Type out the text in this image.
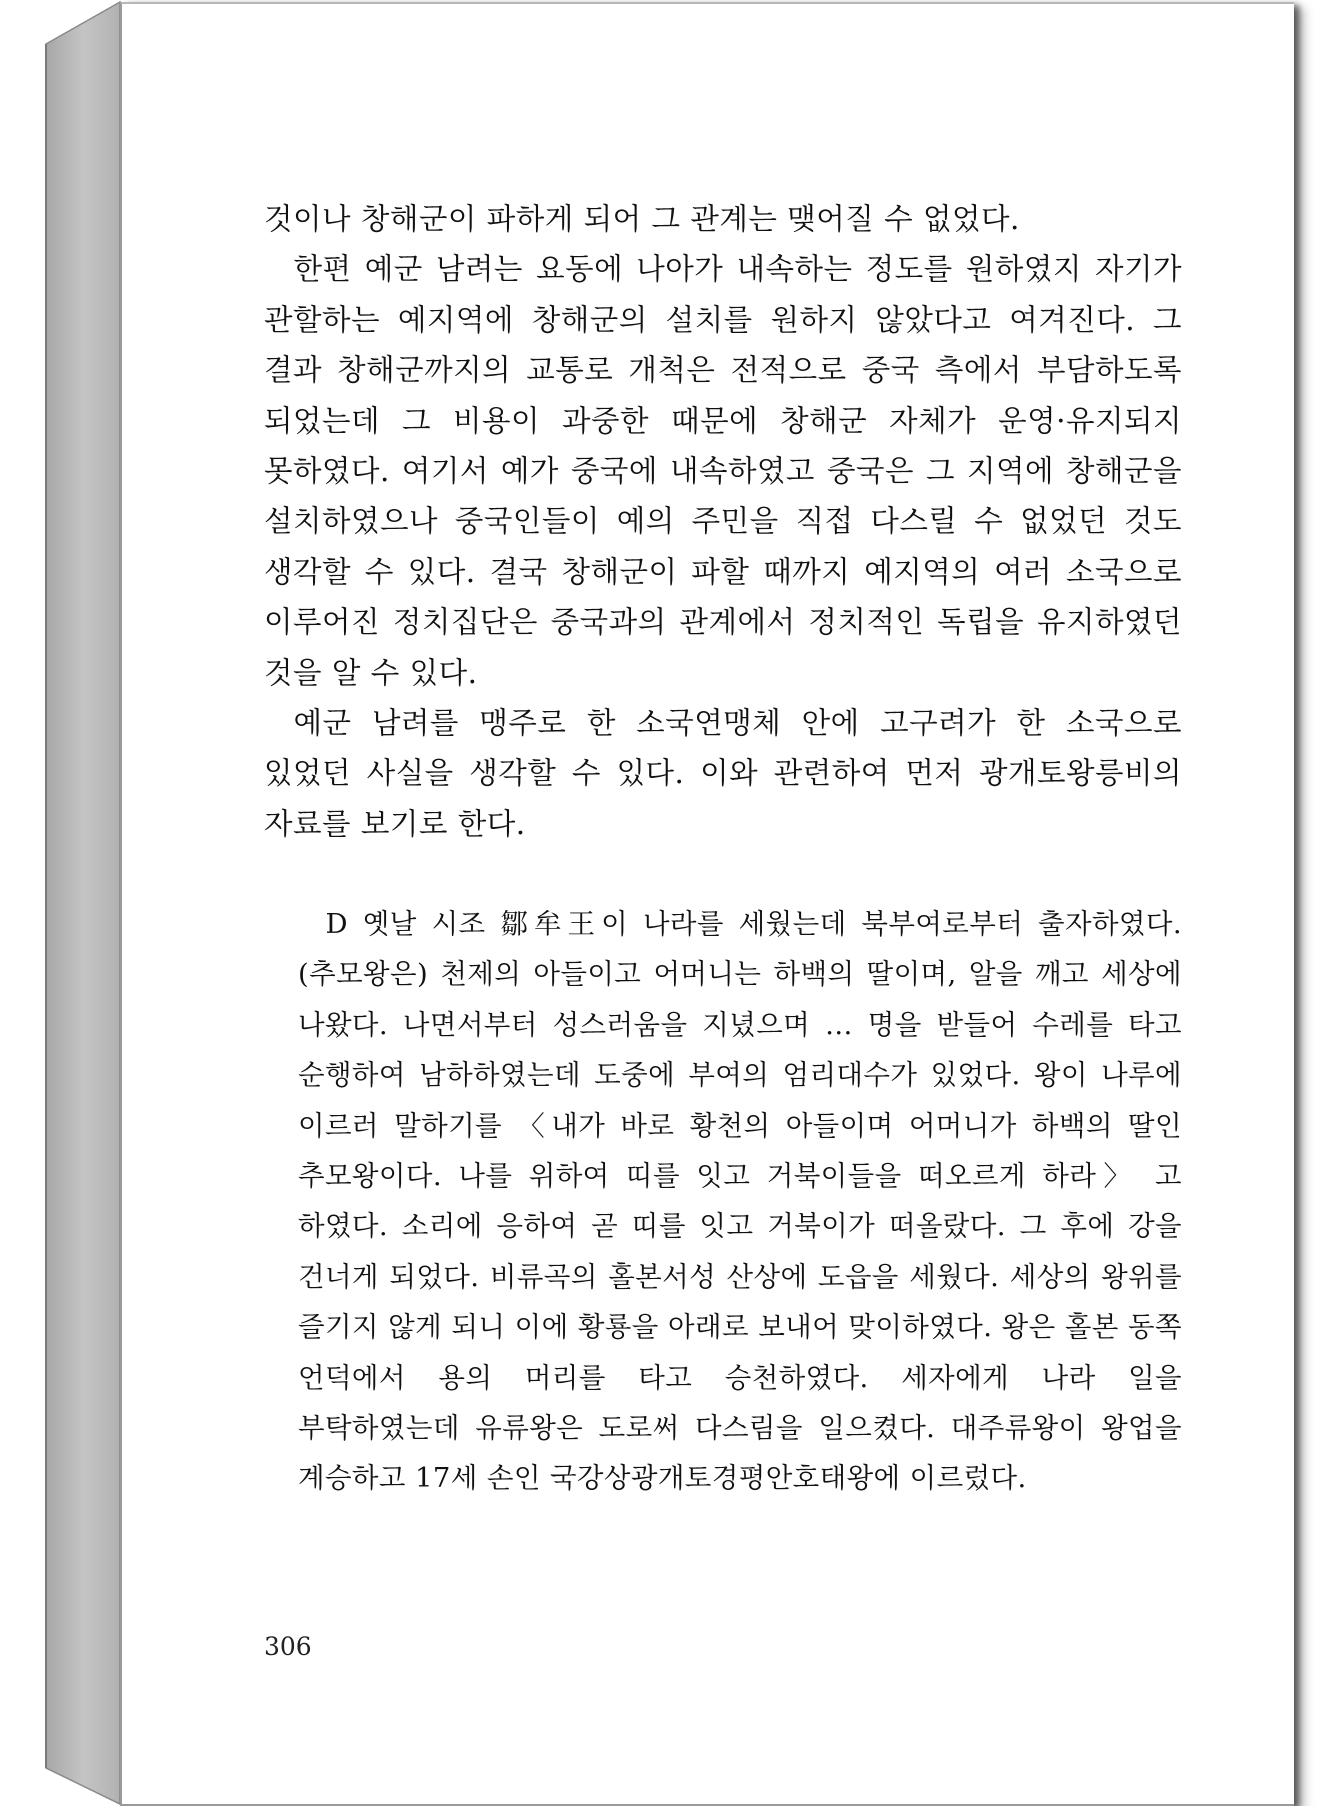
것이나 창해군이 파하게 되어 그 관계는 맺어질 수 없었다.

한편 예군 남려는 요동에 나아가 내속하는 정도를 원하였지 자기가 관할하는 예지역에 창해군의 설치를 원하지 않았다고 여겨진다. 그 결과 창해군까지의 교통로 개척은 전적으로 중국 측에서 부담하도록 되었는데 그 비용이 과중한 때문에 창해군 자체가 운영·유지되지 못하였다. 여기서 예가 중국에 내속하였고 중국은 그 지역에 창해군을 설치하였으나 중국인들이 예의 주민을 직접 다스릴 수 없었던 것도 생각할 수 있다. 결국 창해군이 파할 때까지 예지역의 여러 소국으로 이루어진 정치집단은 중국과의 관계에서 정치적인 독립을 유지하였던 것을 알 수 있다.

예군 남려를 맹주로 한 소국연맹체 안에 고구려가 한 소국으로 있었던 사실을 생각할 수 있다. 이와 관련하여 먼저 광개토왕릉비의 자료를 보기로 한다.

D 옛날 시조 鄒牟王이 나라를 세웠는데 북부여로부터 출자하였다. (추모왕은) 천제의 아들이고 어머니는 하백의 딸이며, 알을 깨고 세상에 나왔다. 나면서부터 성스러움을 지녔으며 … 명을 받들어 수레를 타고 순행하여 남하하였는데 도중에 부여의 엄리대수가 있었다. 왕이 나루에 이르러 말하기를 〈내가 바로 황천의 아들이며 어머니가 하백의 딸인 추모왕이다. 나를 위하여 띠를 잇고 거북이들을 떠오르게 하라〉 고 하였다. 소리에 응하여 곧 띠를 잇고 거북이가 떠올랐다. 그 후에 강을 건너게 되었다. 비류곡의 홀본서성 산상에 도읍을 세웠다. 세상의 왕위를 즐기지 않게 되니 이에 황룡을 아래로 보내어 맞이하였다. 왕은 홀본 동쪽 언덕에서 용의 머리를 타고 승천하였다. 세자에게 나라 일을 부탁하였는데 유류왕은 도로써 다스림을 일으켰다. 대주류왕이 왕업을 계승하고 17세 손인 국강상광개토경평안호태왕에 이르렀다.

306
